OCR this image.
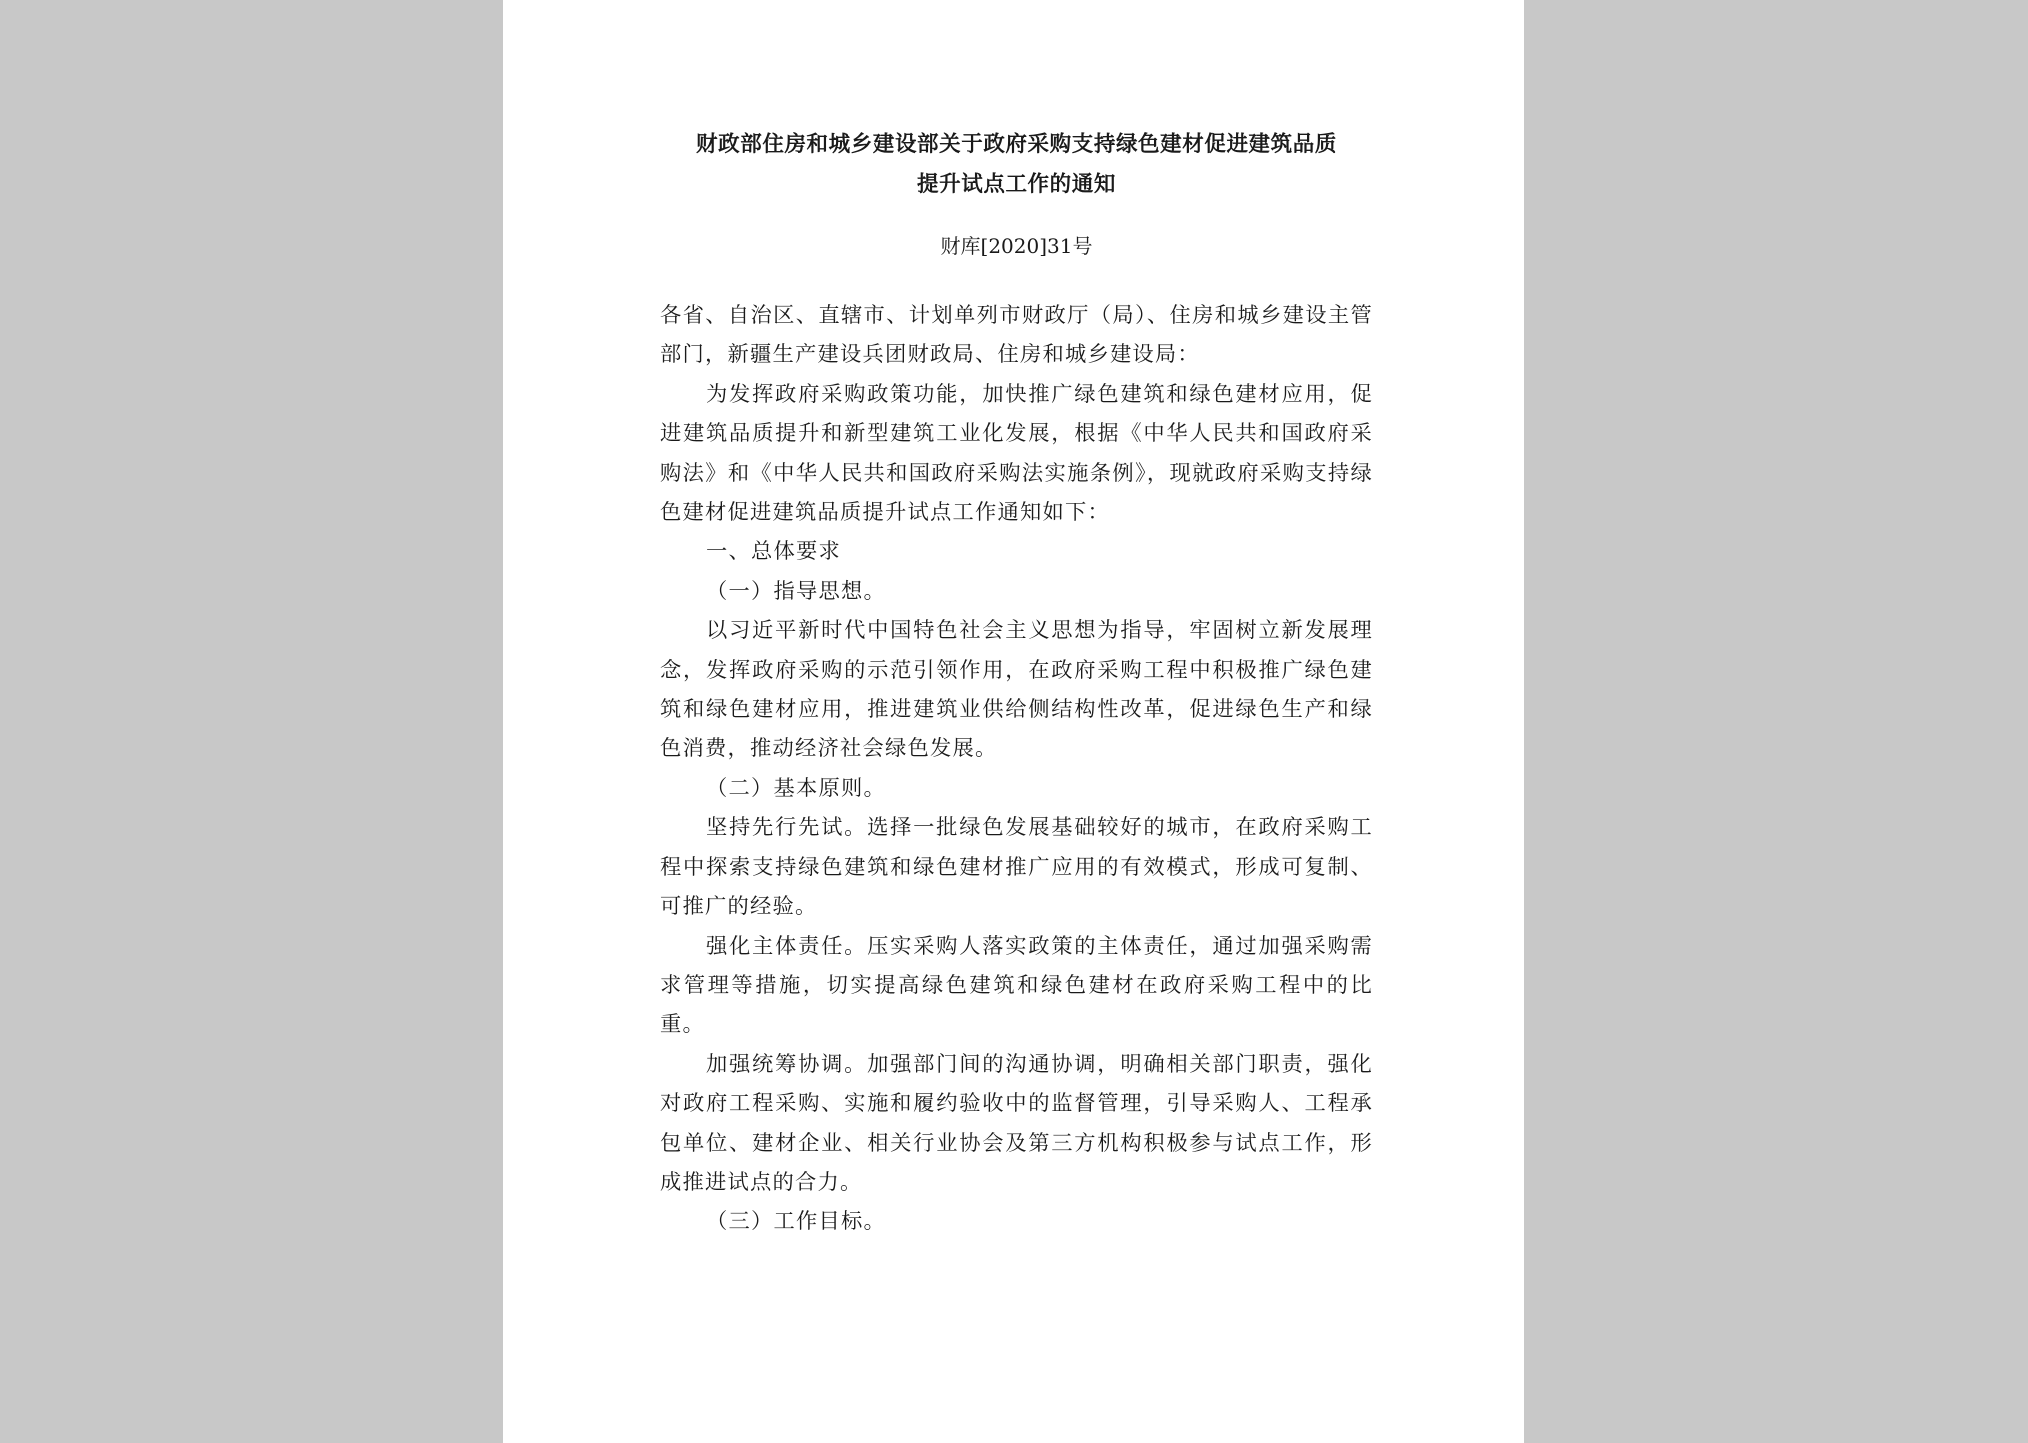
财政部住房和城乡建设部关于政府采购支持绿色建材促进建筑品质
提升试点工作的通知

财库[2020]31号

各省、自治区、直辖市、计划单列市财政厅（局）、住房和城乡建设主管部门，新疆生产建设兵团财政局、住房和城乡建设局：

为发挥政府采购政策功能，加快推广绿色建筑和绿色建材应用，促进建筑品质提升和新型建筑工业化发展，根据《中华人民共和国政府采购法》和《中华人民共和国政府采购法实施条例》，现就政府采购支持绿色建材促进建筑品质提升试点工作通知如下：

一、总体要求

（一）指导思想。

以习近平新时代中国特色社会主义思想为指导，牢固树立新发展理念，发挥政府采购的示范引领作用，在政府采购工程中积极推广绿色建筑和绿色建材应用，推进建筑业供给侧结构性改革，促进绿色生产和绿色消费，推动经济社会绿色发展。

（二）基本原则。

坚持先行先试。选择一批绿色发展基础较好的城市，在政府采购工程中探索支持绿色建筑和绿色建材推广应用的有效模式，形成可复制、可推广的经验。

强化主体责任。压实采购人落实政策的主体责任，通过加强采购需求管理等措施，切实提高绿色建筑和绿色建材在政府采购工程中的比重。

加强统筹协调。加强部门间的沟通协调，明确相关部门职责，强化对政府工程采购、实施和履约验收中的监督管理，引导采购人、工程承包单位、建材企业、相关行业协会及第三方机构积极参与试点工作，形成推进试点的合力。

（三）工作目标。
